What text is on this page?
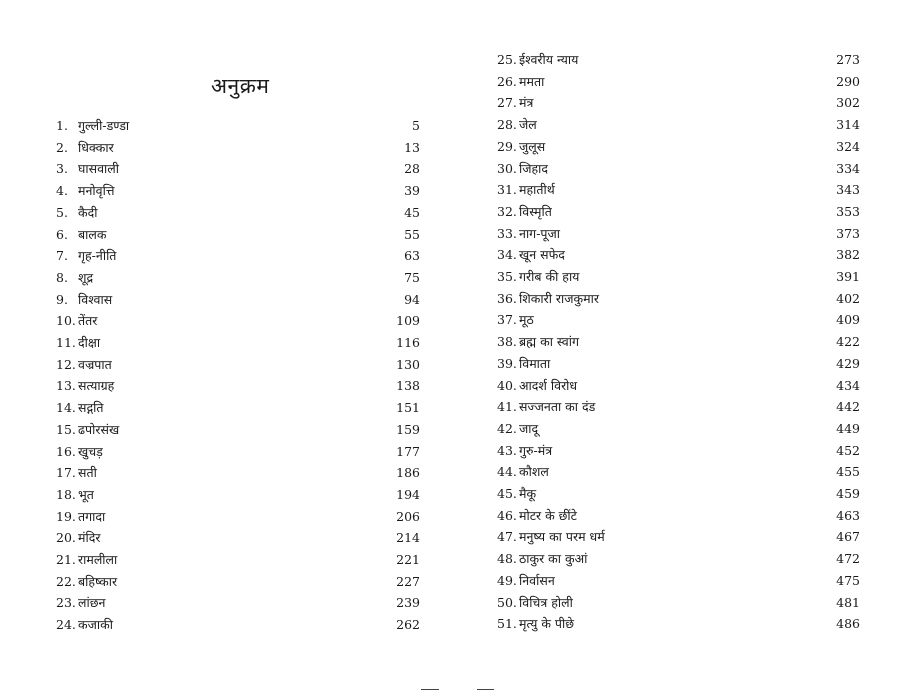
अनुक्रम
1. गुल्ली-डण्डा	5
2. धिक्कार	13
3. घासवाली	28
4. मनोवृत्ति	39
5. कैदी	45
6. बालक	55
7. गृह-नीति	63
8. शूद्र	75
9. विश्वास	94
10. तेंतर	109
11. दीक्षा	116
12. वज्रपात	130
13. सत्याग्रह	138
14. सद्गति	151
15. ढपोरसंख	159
16. खुचड़	177
17. सती	186
18. भूत	194
19. तगादा	206
20. मंदिर	214
21. रामलीला	221
22. बहिष्कार	227
23. लांछन	239
24. कजाकी	262
25. ईश्वरीय न्याय	273
26. ममता	290
27. मंत्र	302
28. जेल	314
29. जुलूस	324
30. जिहाद	334
31. महातीर्थ	343
32. विस्मृति	353
33. नाग-पूजा	373
34. खून सफेद	382
35. गरीब की हाय	391
36. शिकारी राजकुमार	402
37. मूठ	409
38. ब्रह्म का स्वांग	422
39. विमाता	429
40. आदर्श विरोध	434
41. सज्जनता का दंड	442
42. जादू	449
43. गुरु-मंत्र	452
44. कौशल	455
45. मैकू	459
46. मोटर के छींटे	463
47. मनुष्य का परम धर्म	467
48. ठाकुर का कुआं	472
49. निर्वासन	475
50. विचित्र होली	481
51. मृत्यु के पीछे	486
